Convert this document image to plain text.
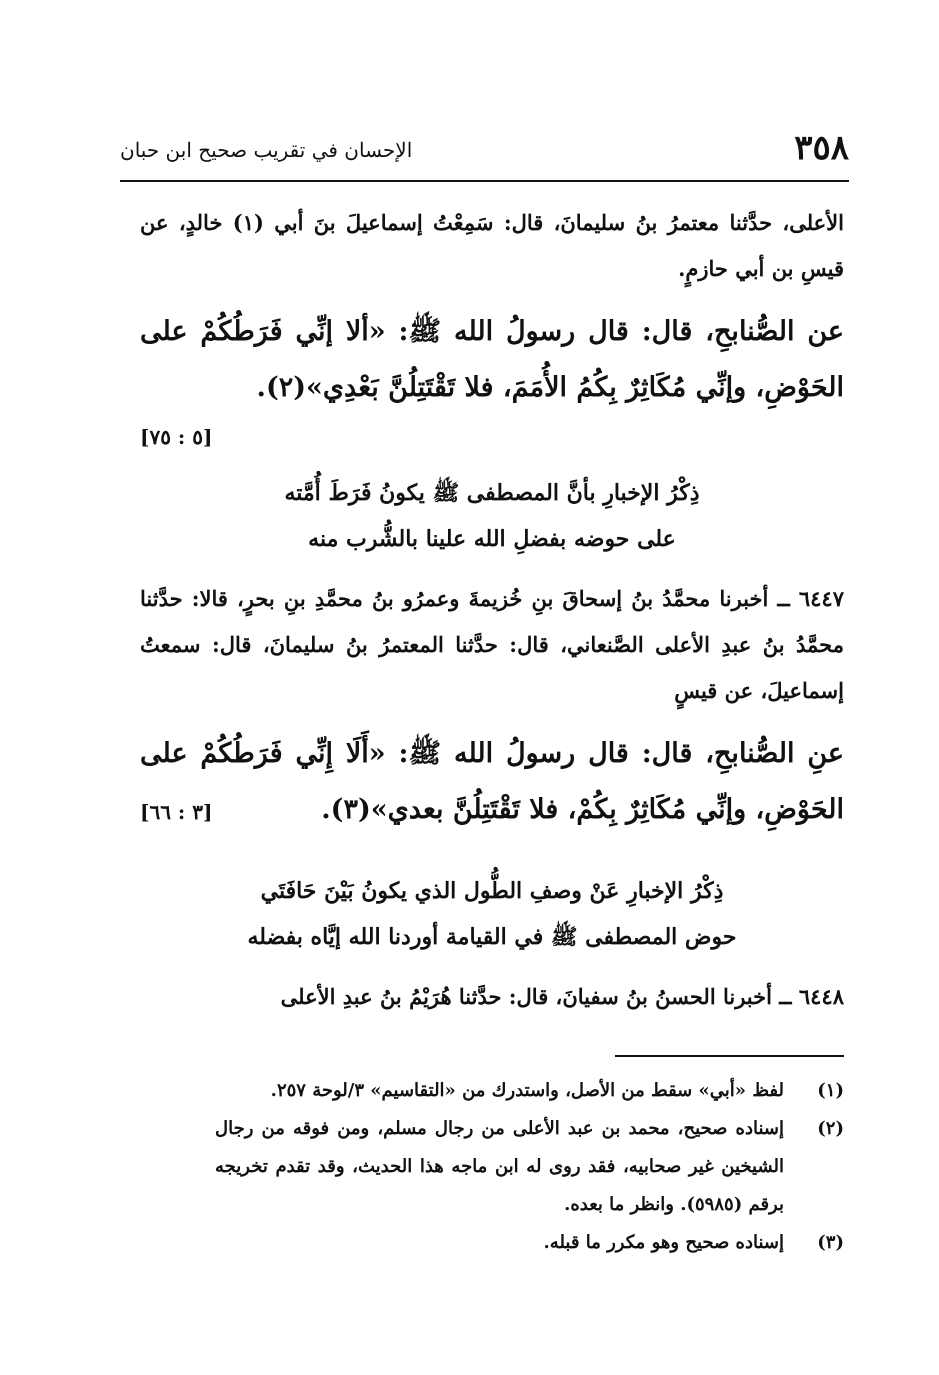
٣٥٨
الإحسان في تقريب صحيح ابن حبان
الأعلى، حدَّثنا معتمرُ بنُ سليمانَ، قال: سَمِعْتُ إسماعيلَ بنَ أبي (١) خالدٍ، عن قيسِ بن أبي حازمٍ.
عن الصُّنابحِ، قال: قال رسولُ الله ﷺ: «ألا إنِّي فَرَطُكُمْ على الحَوْضِ، وإنِّي مُكَاثِرٌ بِكُمُ الأُمَمَ، فلا تَقْتَتِلُنَّ بَعْدِي»(٢).
[٥ : ٧٥]
ذِكْرُ الإخبارِ بأنَّ المصطفى ﷺ يكونُ فَرَطَ أُمَّته
على حوضه بفضلِ الله علينا بالشُّرب منه
٦٤٤٧ ــ أخبرنا محمَّدُ بنُ إسحاقَ بنِ خُزيمةَ وعمرُو بنُ محمَّدِ بنِ بحرٍ، قالا: حدَّثنا محمَّدُ بنُ عبدِ الأعلى الصَّنعاني، قال: حدَّثنا المعتمرُ بنُ سليمانَ، قال: سمعتُ إسماعيلَ، عن قيسٍ
عنِ الصُّنابحِ، قال: قال رسولُ الله ﷺ: «أَلَا إِنِّي فَرَطُكُمْ على الحَوْضِ، وإنِّي مُكَاثِرٌ بِكُمْ، فلا تَقْتَتِلُنَّ بعدي»(٣).
[٣ : ٦٦]
ذِكْرُ الإخبارِ عَنْ وصفِ الطُّول الذي يكونُ بَيْنَ حَافَتَي
حوض المصطفى ﷺ في القيامة أوردنا الله إيَّاه بفضله
٦٤٤٨ ــ أخبرنا الحسنُ بنُ سفيانَ، قال: حدَّثنا هُرَيْمُ بنُ عبدِ الأعلى
(١)
لفظ «أبي» سقط من الأصل، واستدرك من «التقاسيم» ٣/لوحة ٢٥٧.
(٢)
إسناده صحيح، محمد بن عبد الأعلى من رجال مسلم، ومن فوقه من رجال الشيخين غير صحابيه، فقد روى له ابن ماجه هذا الحديث، وقد تقدم تخريجه برقم (٥٩٨٥). وانظر ما بعده.
(٣)
إسناده صحيح وهو مكرر ما قبله.
